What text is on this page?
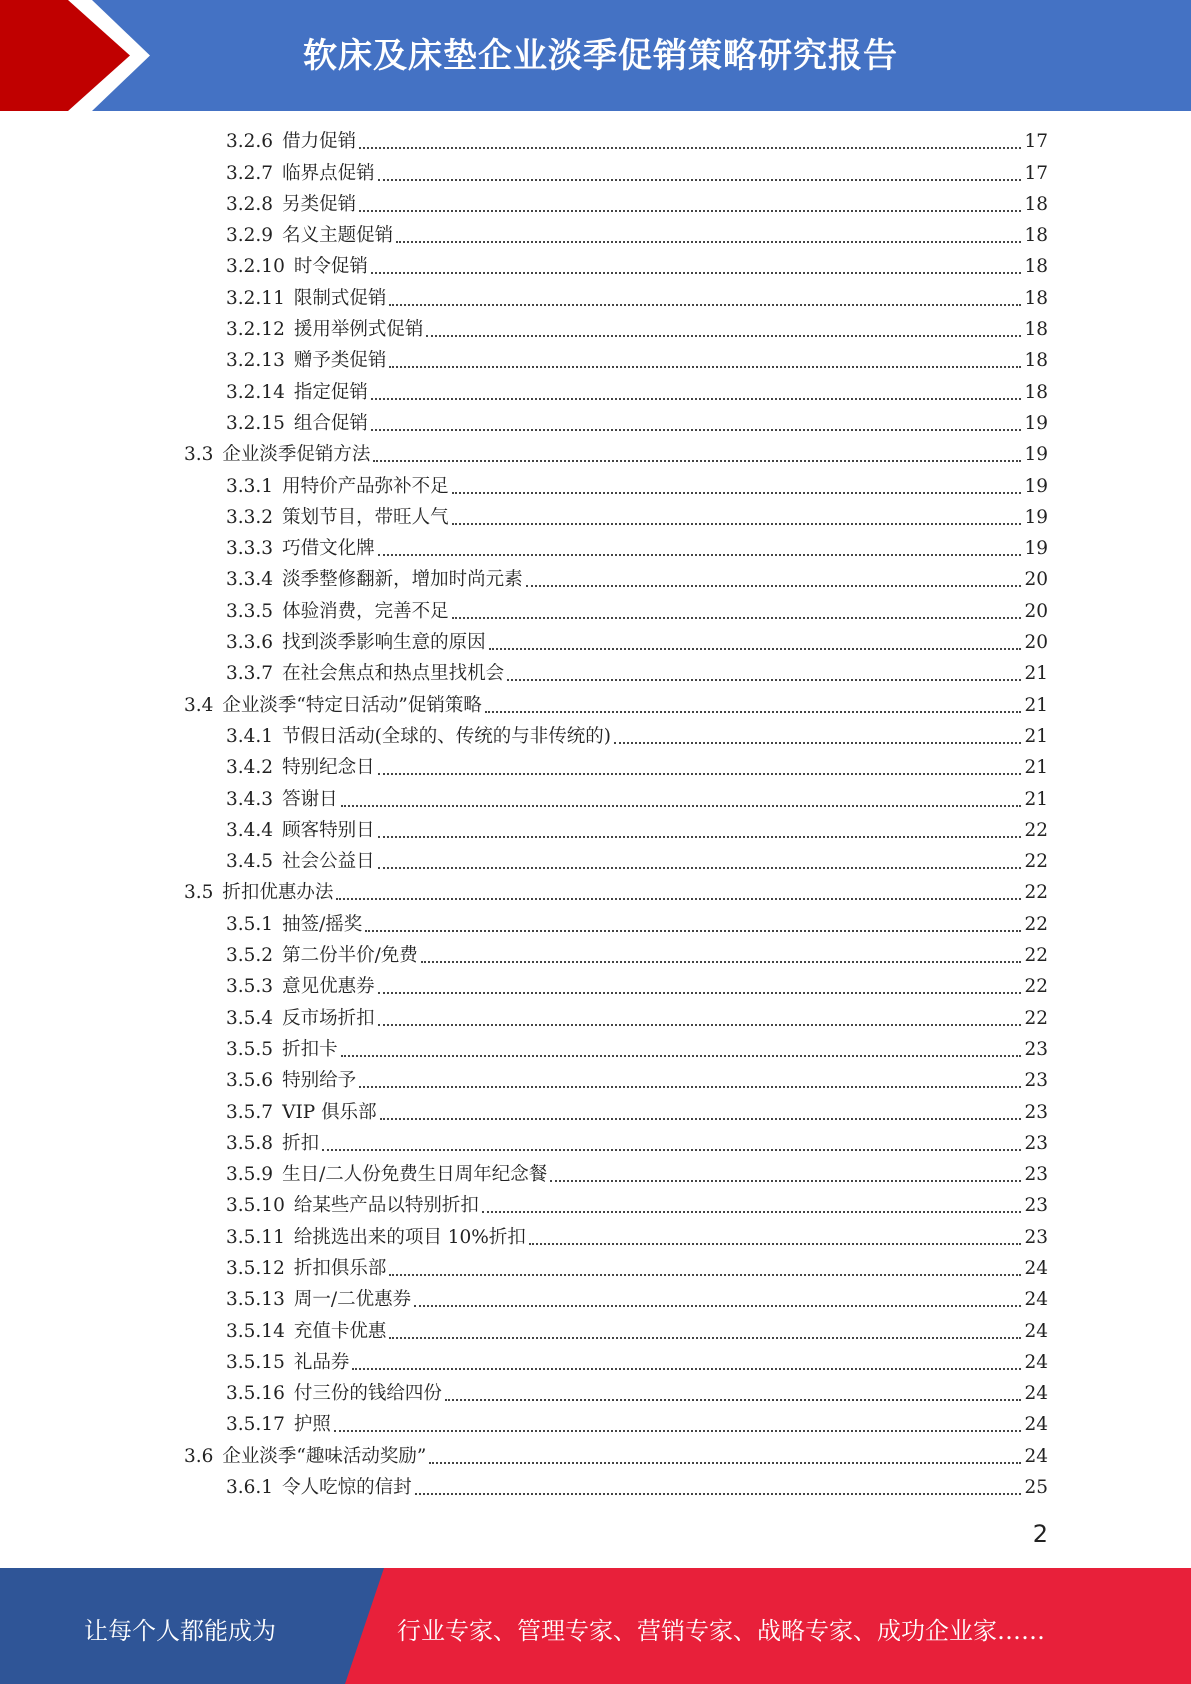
软床及床垫企业淡季促销策略研究报告
3.2.6 借力促销	17
3.2.7 临界点促销	17
3.2.8 另类促销	18
3.2.9 名义主题促销	18
3.2.10 时令促销	18
3.2.11 限制式促销	18
3.2.12 援用举例式促销	18
3.2.13 赠予类促销	18
3.2.14 指定促销	18
3.2.15 组合促销	19
3.3 企业淡季促销方法	19
3.3.1 用特价产品弥补不足	19
3.3.2 策划节目，带旺人气	19
3.3.3 巧借文化牌	19
3.3.4 淡季整修翻新，增加时尚元素	20
3.3.5 体验消费，完善不足	20
3.3.6 找到淡季影响生意的原因	20
3.3.7 在社会焦点和热点里找机会	21
3.4 企业淡季“特定日活动”促销策略	21
3.4.1 节假日活动(全球的、传统的与非传统的)	21
3.4.2 特别纪念日	21
3.4.3 答谢日	21
3.4.4 顾客特别日	22
3.4.5 社会公益日	22
3.5 折扣优惠办法	22
3.5.1 抽签/摇奖	22
3.5.2 第二份半价/免费	22
3.5.3 意见优惠券	22
3.5.4 反市场折扣	22
3.5.5 折扣卡	23
3.5.6 特别给予	23
3.5.7 VIP 俱乐部	23
3.5.8 折扣	23
3.5.9 生日/二人份免费生日周年纪念餐	23
3.5.10 给某些产品以特别折扣	23
3.5.11 给挑选出来的项目 10%折扣	23
3.5.12 折扣俱乐部	24
3.5.13 周一/二优惠券	24
3.5.14 充值卡优惠	24
3.5.15 礼品券	24
3.5.16 付三份的钱给四份	24
3.5.17 护照	24
3.6 企业淡季“趣味活动奖励”	24
3.6.1 令人吃惊的信封	25
2
让每个人都能成为	行业专家、管理专家、营销专家、战略专家、成功企业家……
